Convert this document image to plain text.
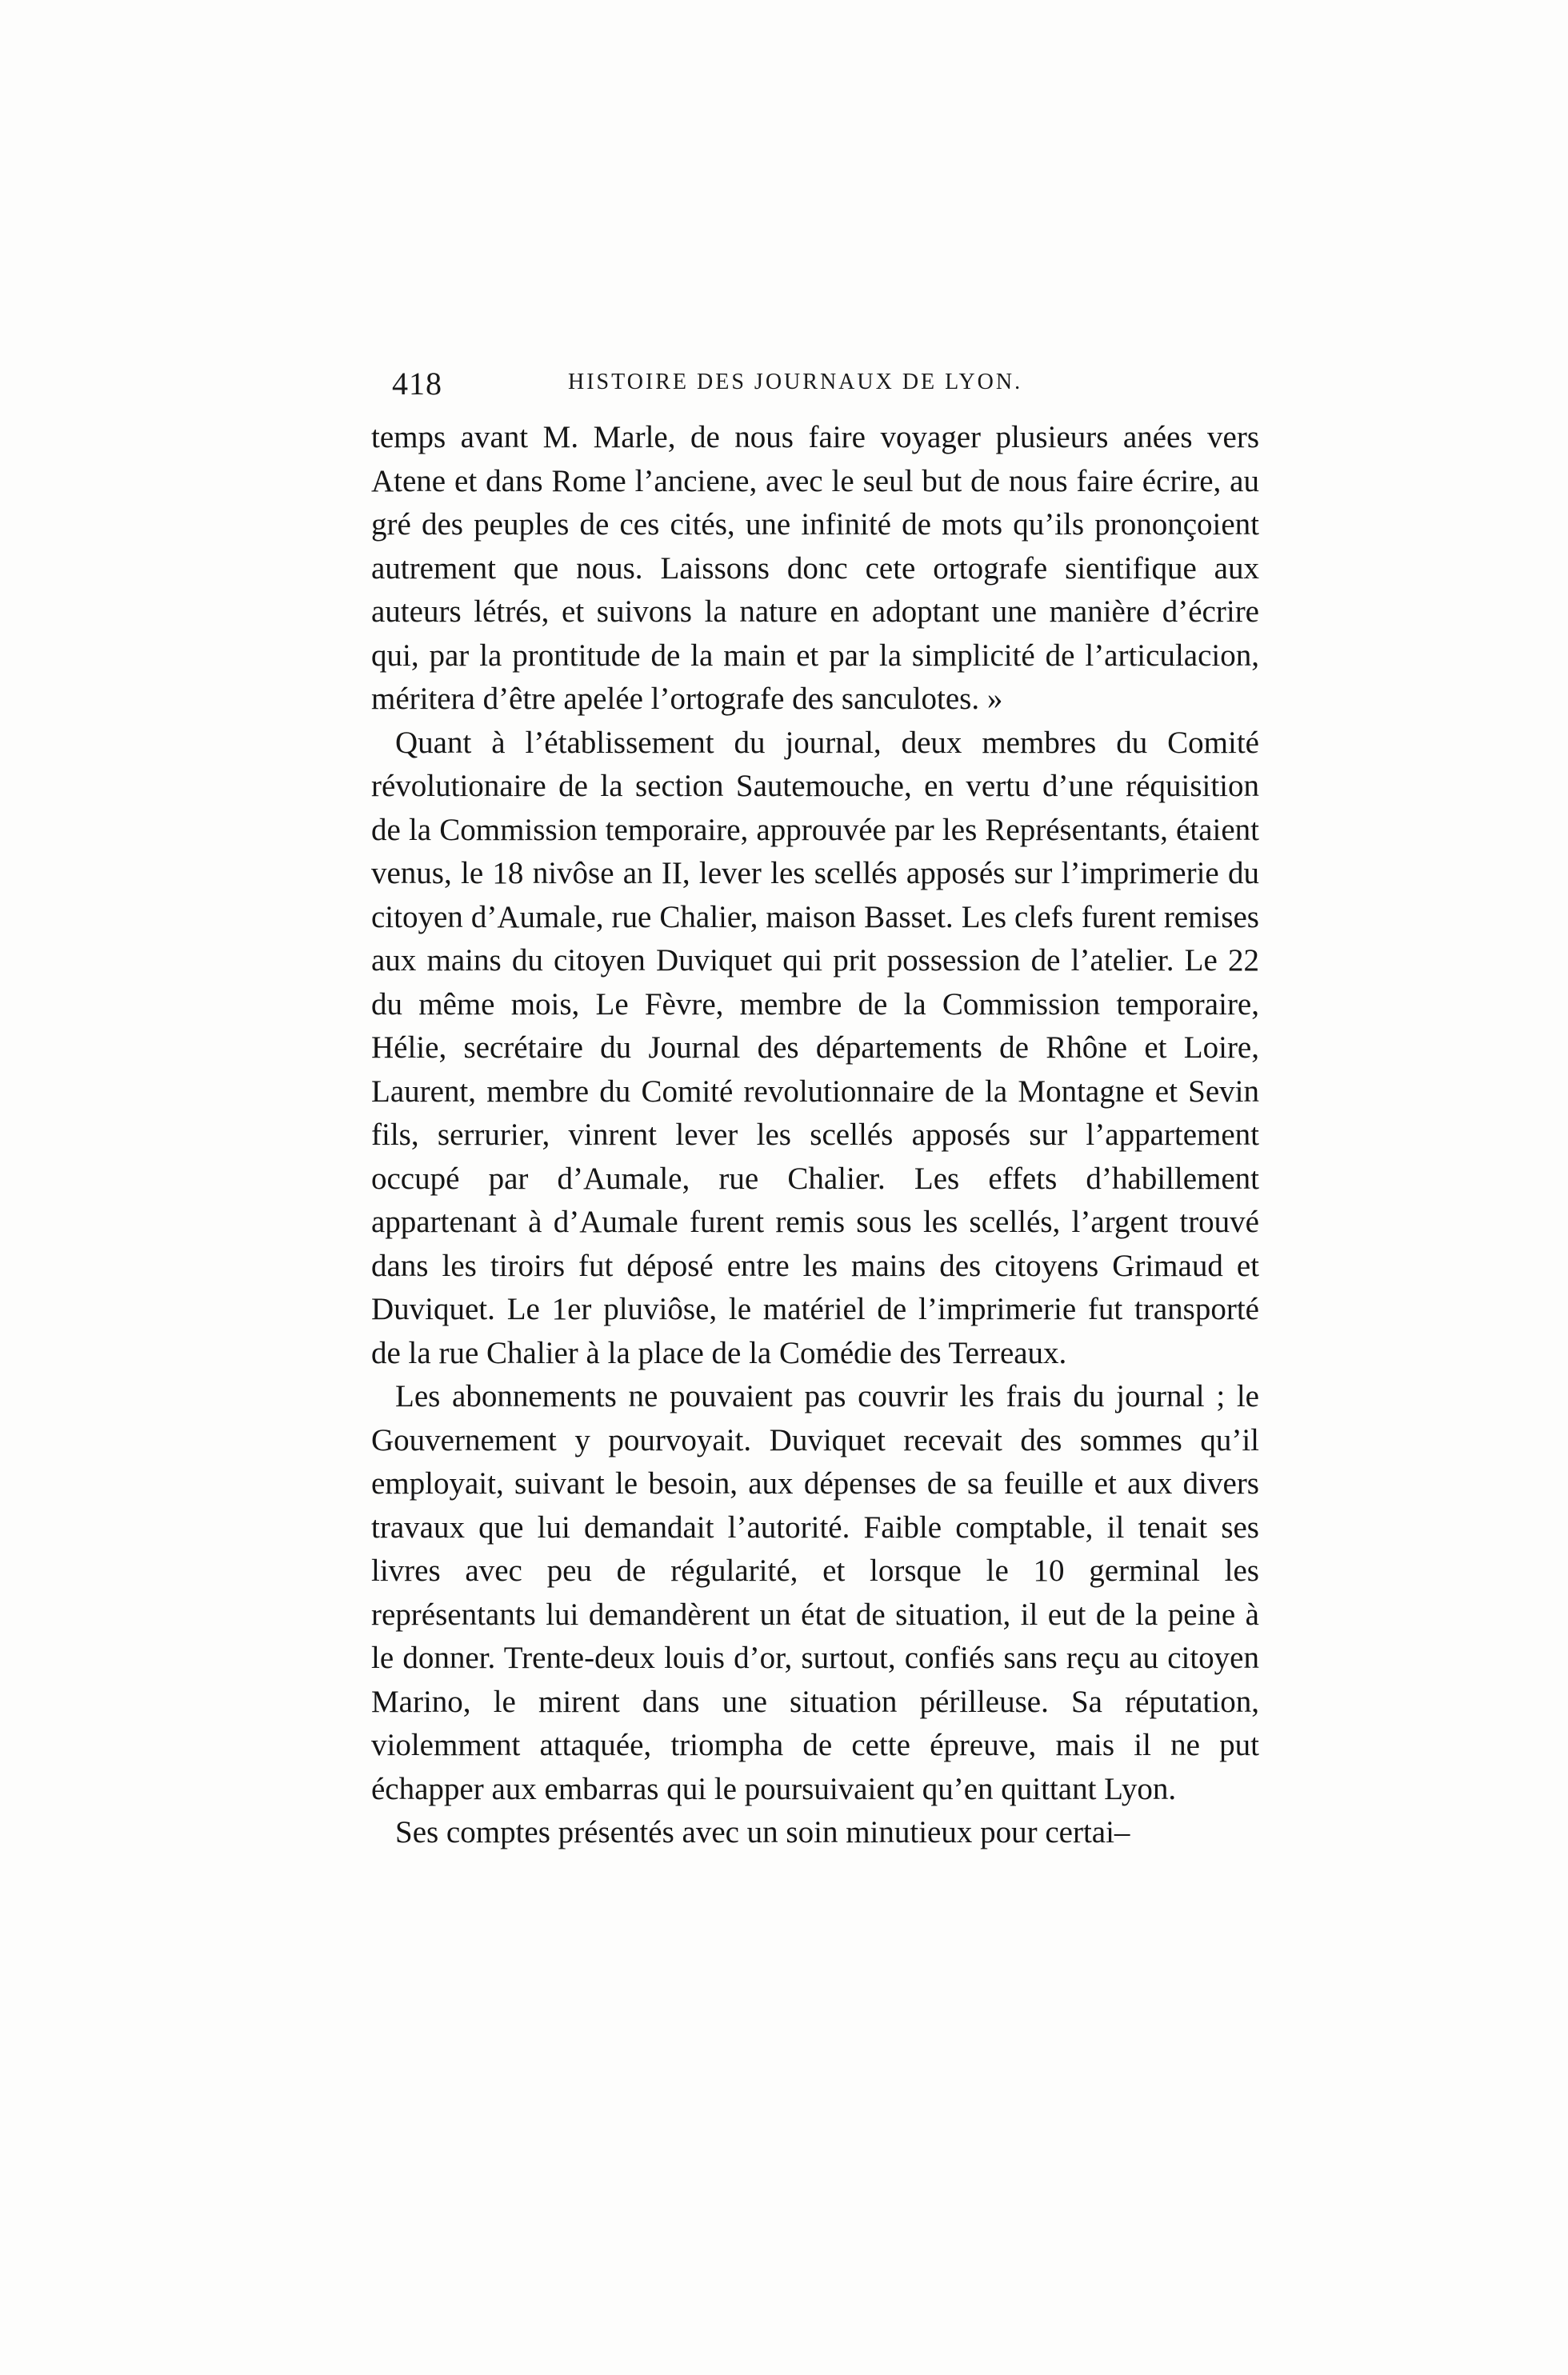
418	HISTOIRE DES JOURNAUX DE LYON.

temps avant M. Marle, de nous faire voyager plusieurs anées vers Atene et dans Rome l’anciene, avec le seul but de nous faire écrire, au gré des peuples de ces cités, une infinité de mots qu’ils prononçoient autrement que nous. Laissons donc cete ortografe sientifique aux auteurs létrés, et suivons la nature en adoptant une manière d’écrire qui, par la prontitude de la main et par la simplicité de l’articulacion, méritera d’être apelée l’ortografe des sanculotes. »

Quant à l’établissement du journal, deux membres du Comité révolutionaire de la section Sautemouche, en vertu d’une réquisition de la Commission temporaire, approuvée par les Représentants, étaient venus, le 18 nivôse an II, lever les scellés apposés sur l’imprimerie du citoyen d’Aumale, rue Chalier, maison Basset. Les clefs furent remises aux mains du citoyen Duviquet qui prit possession de l’atelier. Le 22 du même mois, Le Fèvre, membre de la Commission temporaire, Hélie, secrétaire du Journal des départements de Rhône et Loire, Laurent, membre du Comité revolutionnaire de la Montagne et Sevin fils, serrurier, vinrent lever les scellés apposés sur l’appartement occupé par d’Aumale, rue Chalier. Les effets d’habillement appartenant à d’Aumale furent remis sous les scellés, l’argent trouvé dans les tiroirs fut déposé entre les mains des citoyens Grimaud et Duviquet. Le 1er pluviôse, le matériel de l’imprimerie fut transporté de la rue Chalier à la place de la Comédie des Terreaux.

Les abonnements ne pouvaient pas couvrir les frais du journal ; le Gouvernement y pourvoyait. Duviquet recevait des sommes qu’il employait, suivant le besoin, aux dépenses de sa feuille et aux divers travaux que lui demandait l’autorité. Faible comptable, il tenait ses livres avec peu de régularité, et lorsque le 10 germinal les représentants lui demandèrent un état de situation, il eut de la peine à le donner. Trente-deux louis d’or, surtout, confiés sans reçu au citoyen Marino, le mirent dans une situation périlleuse. Sa réputation, violemment attaquée, triompha de cette épreuve, mais il ne put échapper aux embarras qui le poursuivaient qu’en quittant Lyon.

Ses comptes présentés avec un soin minutieux pour certai–
